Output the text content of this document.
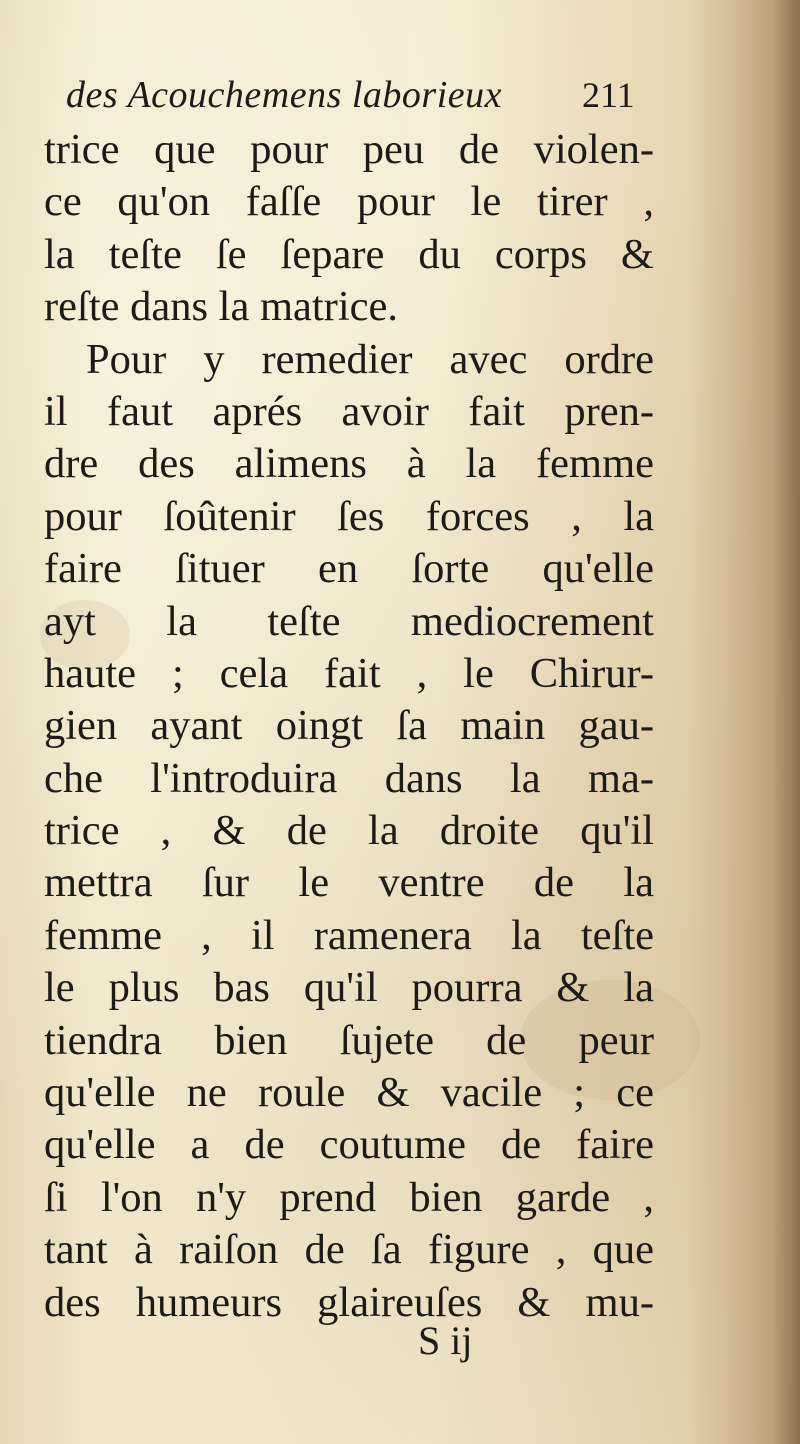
des Acouchemens laborieux	211
trice que pour peu de violen-
ce qu'on faſſe pour le tirer ,
la teſte ſe ſepare du corps &
reſte dans la matrice.
Pour y remedier avec ordre
il faut aprés avoir fait pren-
dre des alimens à la femme
pour ſoûtenir ſes forces , la
faire ſituer en ſorte qu'elle
ayt la teſte mediocrement
haute ; cela fait , le Chirur-
gien ayant oingt ſa main gau-
che l'introduira dans la ma-
trice , & de la droite qu'il
mettra ſur le ventre de la
femme , il ramenera la teſte
le plus bas qu'il pourra & la
tiendra bien ſujete de peur
qu'elle ne roule & vacile ; ce
qu'elle a de coutume de faire
ſi l'on n'y prend bien garde ,
tant à raiſon de ſa figure , que
des humeurs glaireuſes & mu-
S ij
